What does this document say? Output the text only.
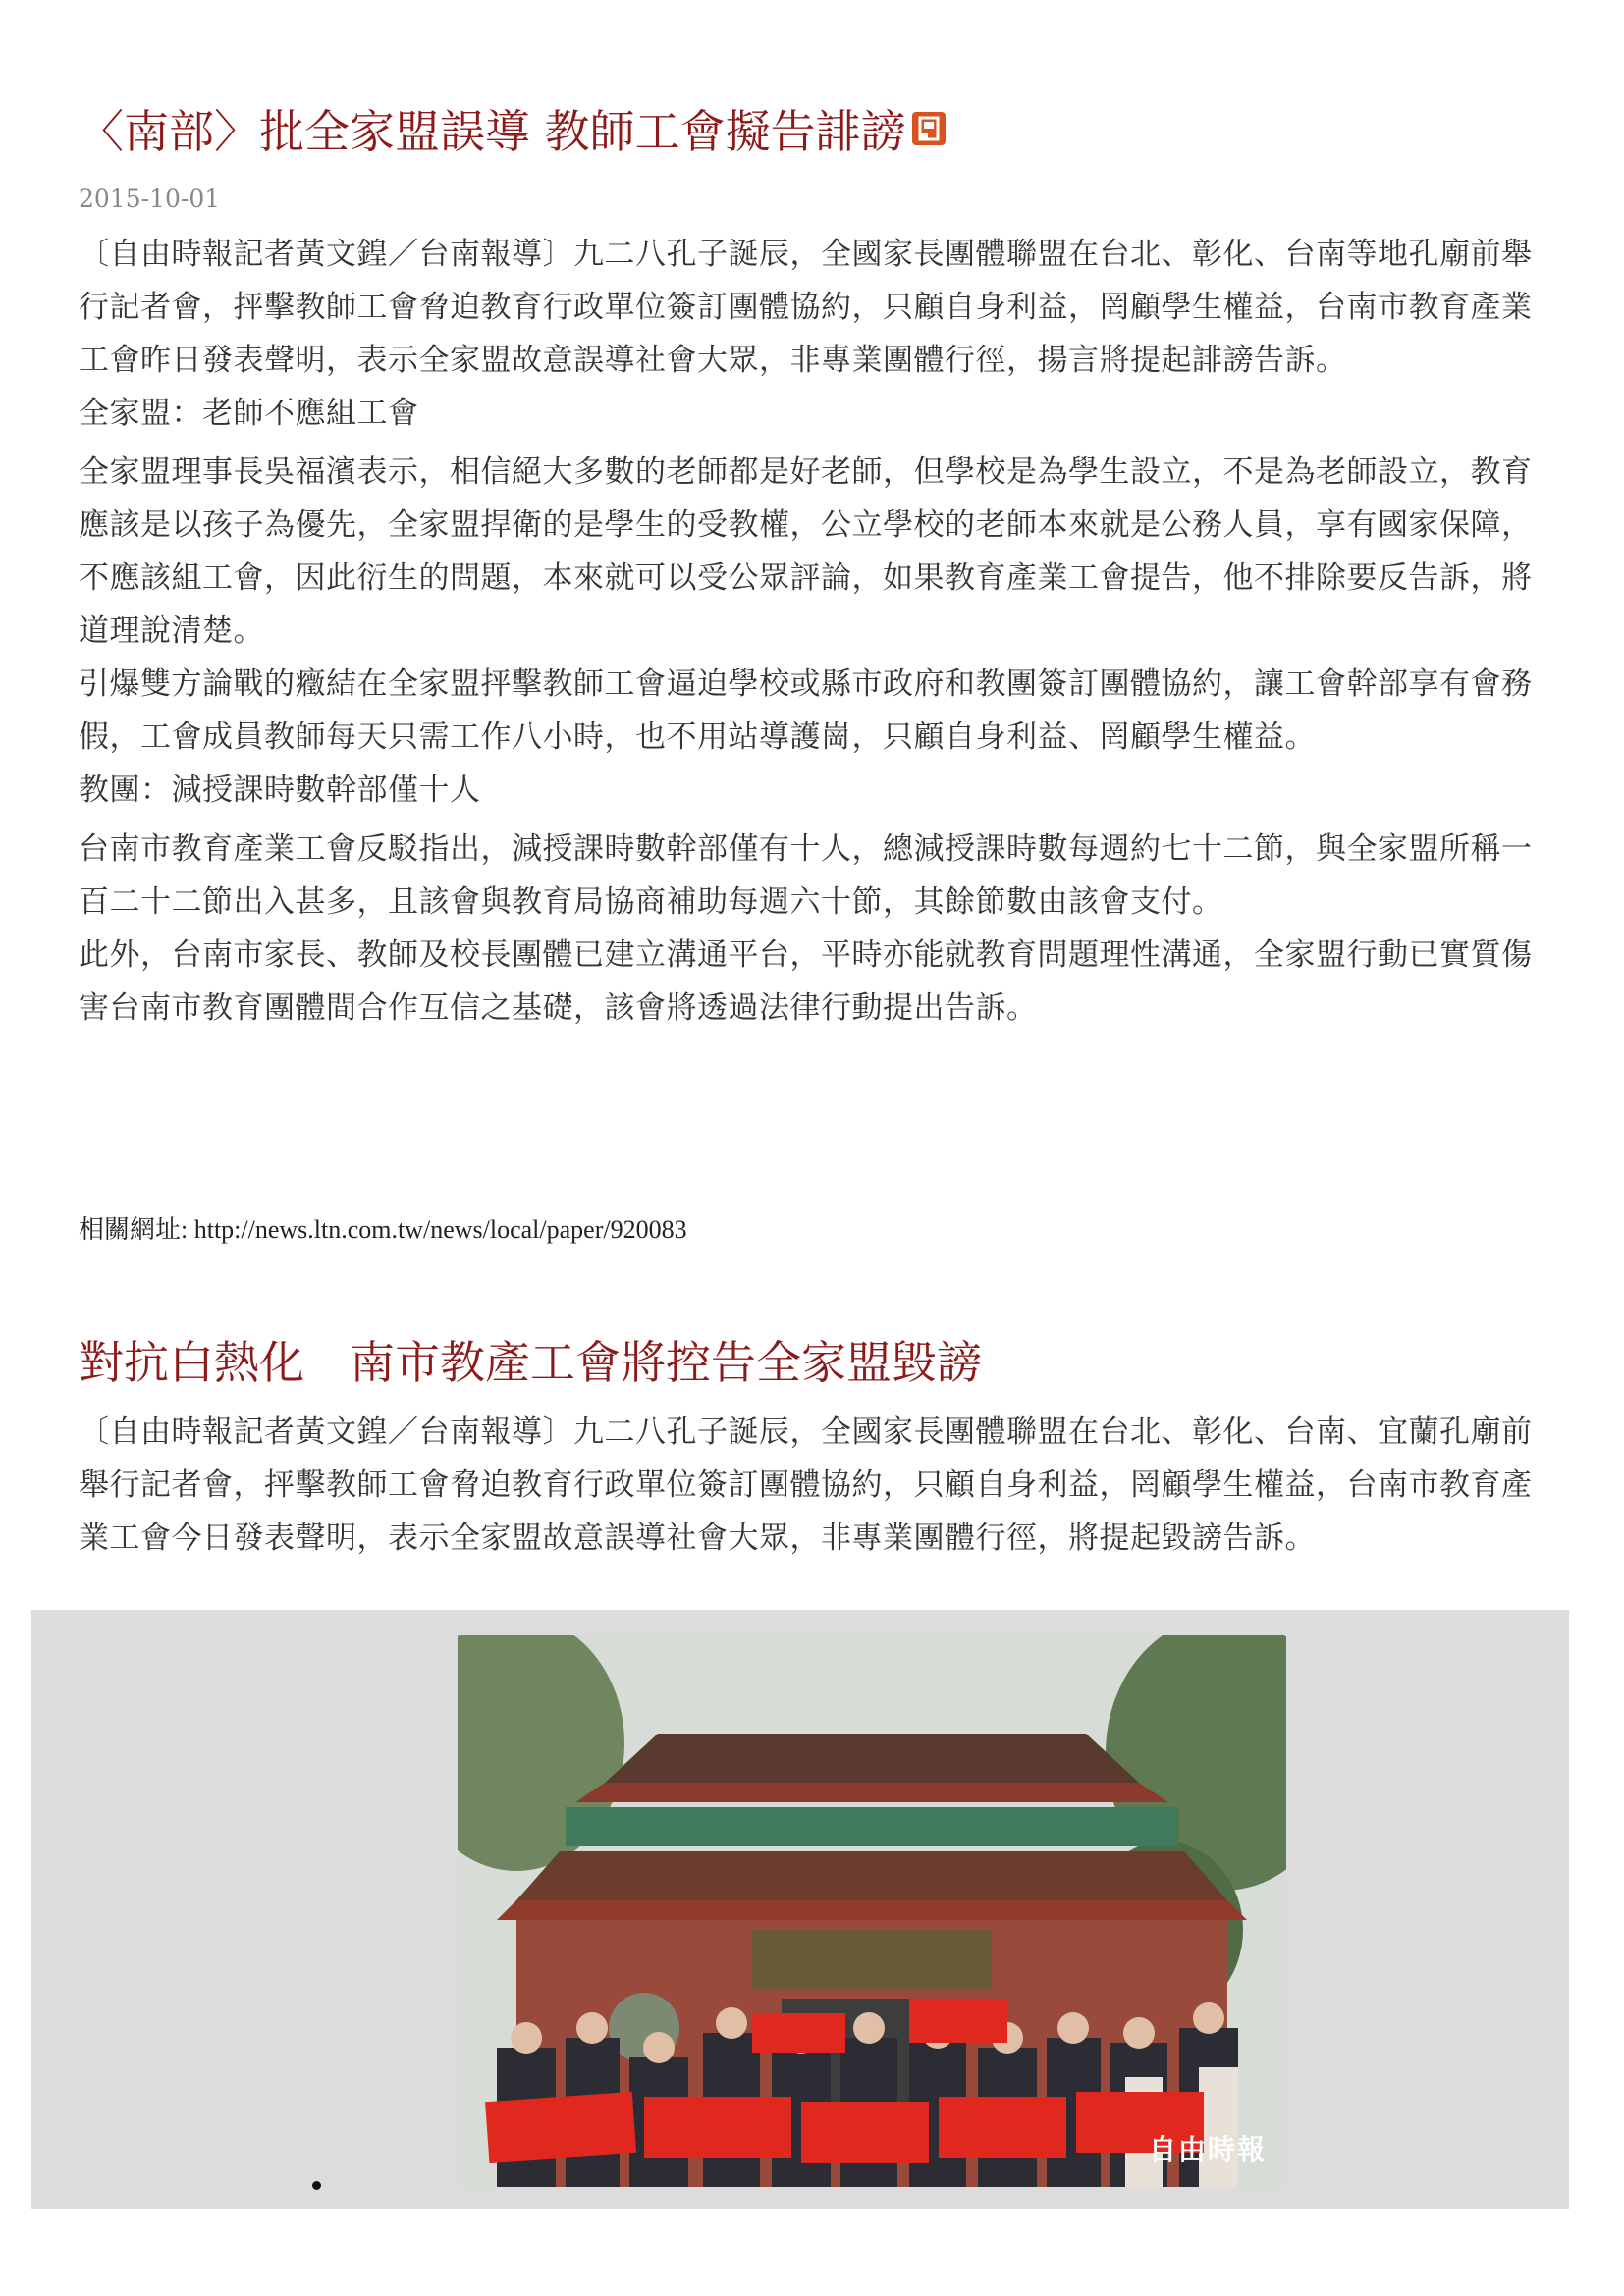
〈南部〉批全家盟誤導 教師工會擬告誹謗
2015-10-01

〔自由時報記者黃文鍠／台南報導〕九二八孔子誕辰，全國家長團體聯盟在台北、彰化、台南等地孔廟前舉行記者會，抨擊教師工會脅迫教育行政單位簽訂團體協約，只顧自身利益，罔顧學生權益，台南市教育產業工會昨日發表聲明，表示全家盟故意誤導社會大眾，非專業團體行徑，揚言將提起誹謗告訴。

全家盟：老師不應組工會

全家盟理事長吳福濱表示，相信絕大多數的老師都是好老師，但學校是為學生設立，不是為老師設立，教育應該是以孩子為優先，全家盟捍衛的是學生的受教權，公立學校的老師本來就是公務人員，享有國家保障，不應該組工會，因此衍生的問題，本來就可以受公眾評論，如果教育產業工會提告，他不排除要反告訴，將道理說清楚。

引爆雙方論戰的癥結在全家盟抨擊教師工會逼迫學校或縣市政府和教團簽訂團體協約，讓工會幹部享有會務假，工會成員教師每天只需工作八小時，也不用站導護崗，只顧自身利益、罔顧學生權益。

教團：減授課時數幹部僅十人

台南市教育產業工會反駁指出，減授課時數幹部僅有十人，總減授課時數每週約七十二節，與全家盟所稱一百二十二節出入甚多，且該會與教育局協商補助每週六十節，其餘節數由該會支付。

此外，台南市家長、教師及校長團體已建立溝通平台，平時亦能就教育問題理性溝通，全家盟行動已實質傷害台南市教育團體間合作互信之基礎，該會將透過法律行動提出告訴。

相關網址: http://news.ltn.com.tw/news/local/paper/920083
對抗白熱化　南市教產工會將控告全家盟毀謗

〔自由時報記者黃文鍠／台南報導〕九二八孔子誕辰，全國家長團體聯盟在台北、彰化、台南、宜蘭孔廟前舉行記者會，抨擊教師工會脅迫教育行政單位簽訂團體協約，只顧自身利益，罔顧學生權益，台南市教育產業工會今日發表聲明，表示全家盟故意誤導社會大眾，非專業團體行徑，將提起毀謗告訴。

自由時報
